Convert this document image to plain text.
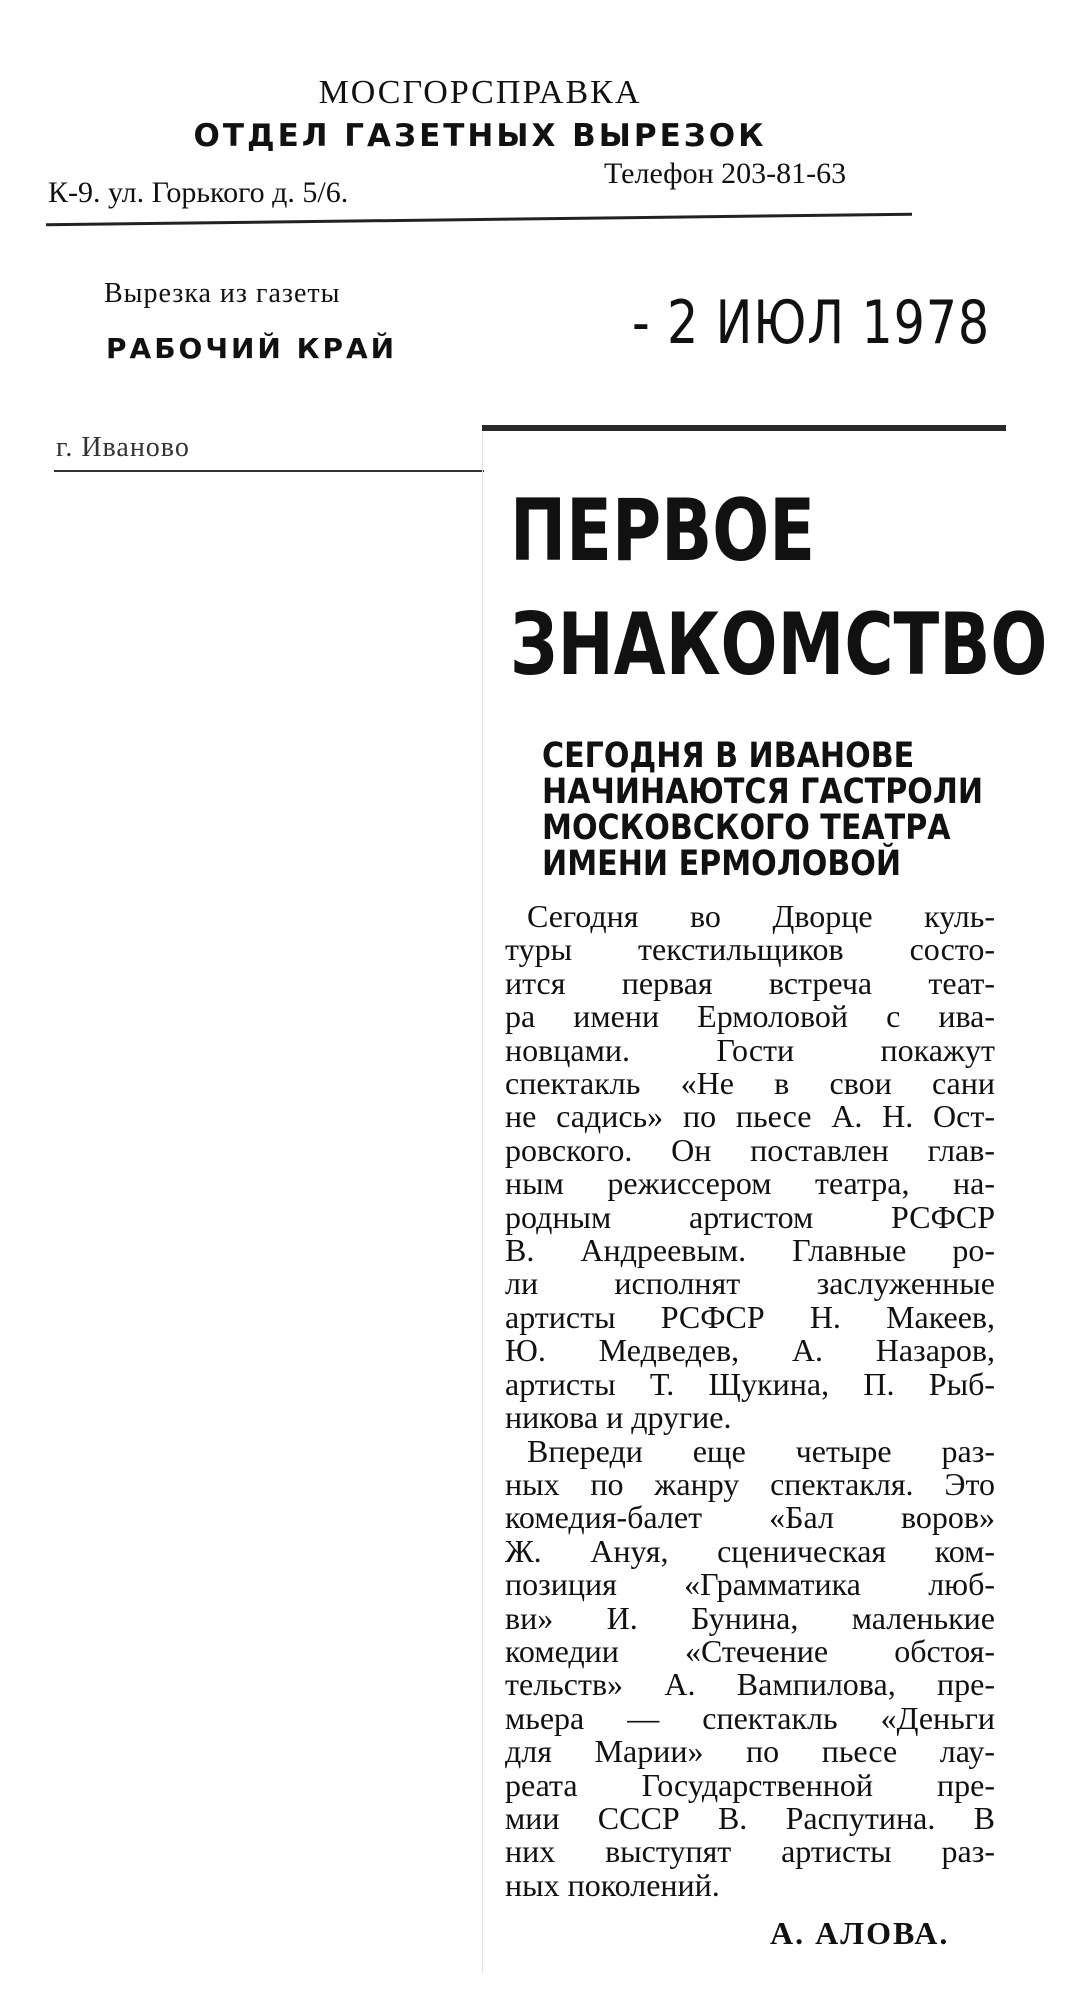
МОСГОРСПРАВКА
ОТДЕЛ ГАЗЕТНЫХ ВЫРЕЗОК
К-9. ул. Горького д. 5/6.
Телефон 203-81-63
Вырезка из газеты
РАБОЧИЙ КРАЙ	- 2 ИЮЛ 1978
г. Иваново
ПЕРВОЕ
ЗНАКОМСТВО
СЕГОДНЯ В ИВАНОВЕ
НАЧИНАЮТСЯ ГАСТРОЛИ
МОСКОВСКОГО ТЕАТРА
ИМЕНИ ЕРМОЛОВОЙ
Сегодня во Дворце куль-
туры текстильщиков состо-
ится первая встреча теат-
ра имени Ермоловой с ива-
новцами. Гости покажут
спектакль «Не в свои сани
не садись» по пьесе А. Н. Ост-
ровского. Он поставлен глав-
ным режиссером театра, на-
родным артистом РСФСР
В. Андреевым. Главные ро-
ли исполнят заслуженные
артисты РСФСР Н. Макеев,
Ю. Медведев, А. Назаров,
артисты Т. Щукина, П. Рыб-
никова и другие.
Впереди еще четыре раз-
ных по жанру спектакля. Это
комедия-балет «Бал воров»
Ж. Ануя, сценическая ком-
позиция «Грамматика люб-
ви» И. Бунина, маленькие
комедии «Стечение обстоя-
тельств» А. Вампилова, пре-
мьера — спектакль «Деньги
для Марии» по пьесе лау-
реата Государственной пре-
мии СССР В. Распутина. В
них выступят артисты раз-
ных поколений.
А. АЛОВА.
